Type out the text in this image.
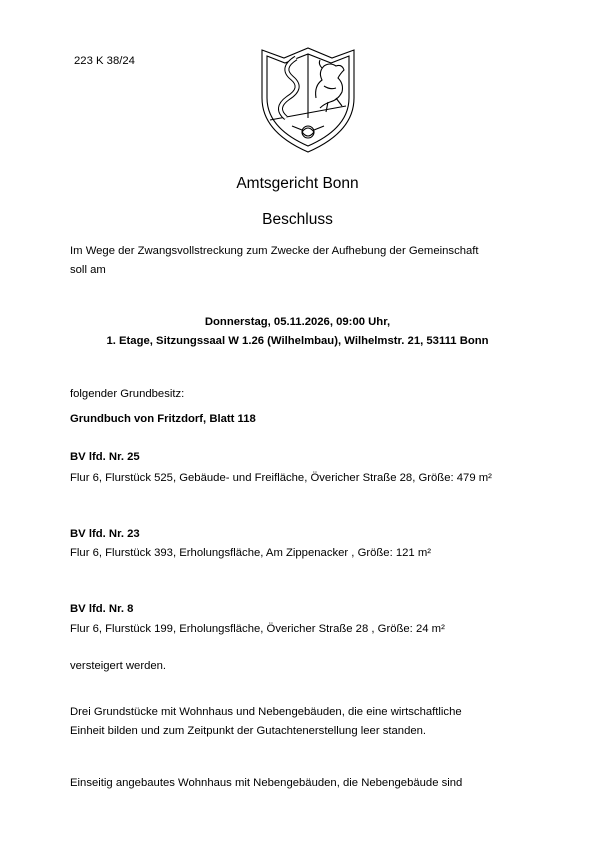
223 K 38/24
Amtsgericht Bonn
Beschluss
Im Wege der Zwangsvollstreckung zum Zwecke der Aufhebung der Gemeinschaft
soll am
Donnerstag, 05.11.2026, 09:00 Uhr,
1. Etage, Sitzungssaal W 1.26 (Wilhelmbau), Wilhelmstr. 21, 53111 Bonn
folgender Grundbesitz:
Grundbuch von Fritzdorf, Blatt 118
BV lfd. Nr. 25
Flur 6, Flurstück 525, Gebäude- und Freifläche, Övericher Straße 28, Größe: 479 m²
BV lfd. Nr. 23
Flur 6, Flurstück 393, Erholungsfläche, Am Zippenacker , Größe: 121 m²
BV lfd. Nr. 8
Flur 6, Flurstück 199, Erholungsfläche, Övericher Straße 28 , Größe: 24 m²
versteigert werden.
Drei Grundstücke mit Wohnhaus und Nebengebäuden, die eine wirtschaftliche
Einheit bilden und zum Zeitpunkt der Gutachtenerstellung leer standen.
Einseitig angebautes Wohnhaus mit Nebengebäuden, die Nebengebäude sind
